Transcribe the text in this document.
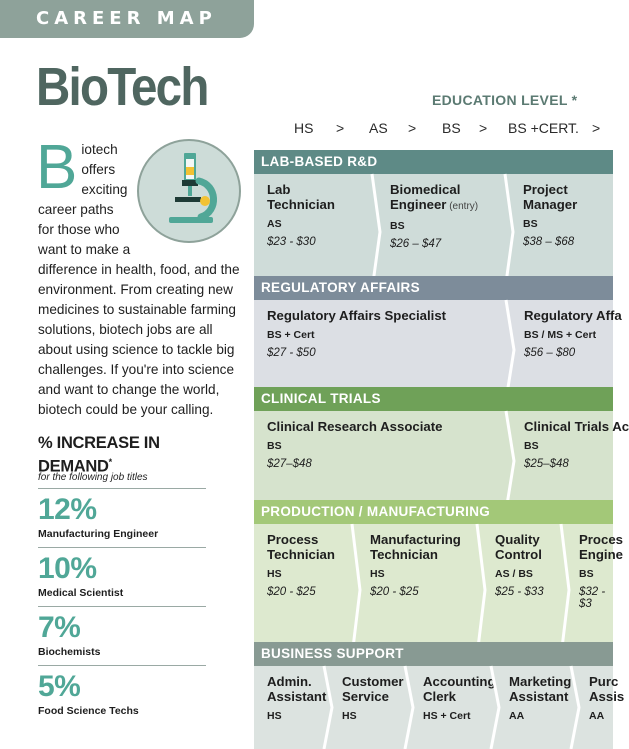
CAREER MAP
BioTech
B iotech
offers
exciting
career paths
for those who
want to make a
difference in health, food, and the
environment. From creating new
medicines to sustainable farming
solutions, biotech jobs are all
about using science to tackle big
challenges. If you're into science
and want to change the world,
biotech could be your calling.
% INCREASE IN
DEMAND*
for the following job titles
12%
Manufacturing Engineer
10%
Medical Scientist
7%
Biochemists
5%
Food Science Techs
EDUCATION LEVEL *
HS > AS > BS > BS +CERT. >
LAB-BASED R&D
Lab
Technician
AS
$23 - $30
Biomedical
Engineer (entry)
BS
$26 – $47
Project
Manager
BS
$38 – $68
REGULATORY AFFAIRS
Regulatory Affairs Specialist
BS + Cert
$27 - $50
Regulatory Affa
BS / MS + Cert
$56 – $80
CLINICAL TRIALS
Clinical Research Associate
BS
$27–$48
Clinical Trials Ac
BS
$25–$48
PRODUCTION / MANUFACTURING
Process
Technician
HS
$20 - $25
Manufacturing
Technician
HS
$20 - $25
Quality
Control
AS / BS
$25 - $33
Proces
Engine
BS
$32 - $3
BUSINESS SUPPORT
Admin.
Assistant
HS
Customer
Service
HS
Accounting
Clerk
HS + Cert
Marketing
Assistant
AA
Purc
Assis
AA
